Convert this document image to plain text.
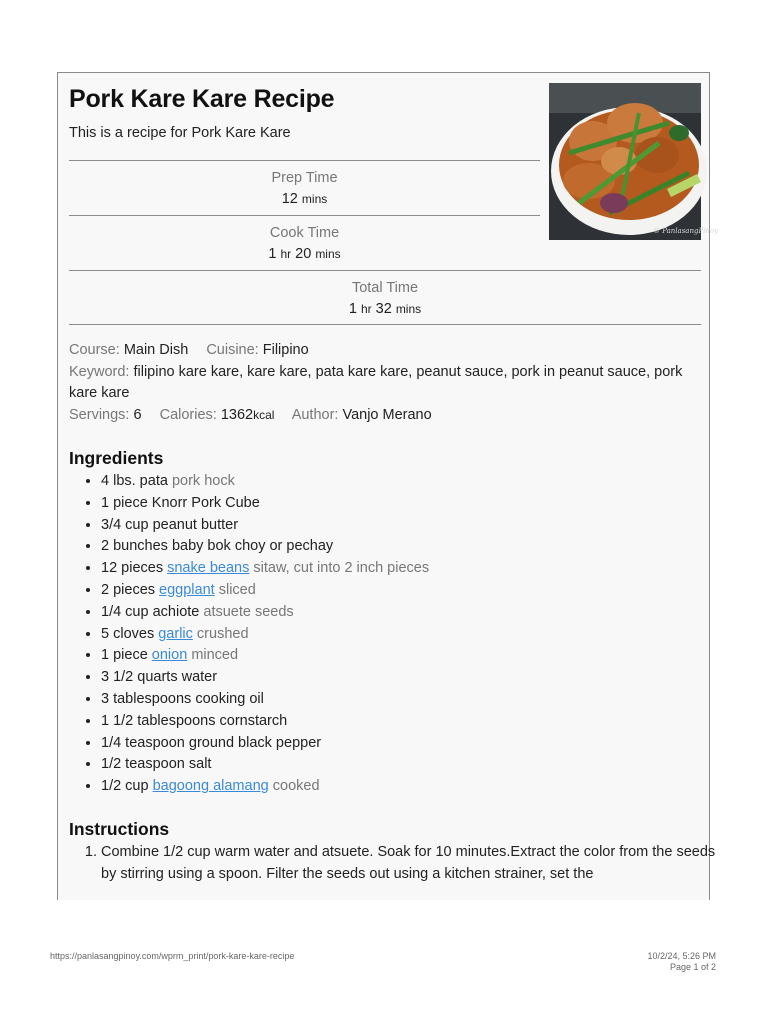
Pork Kare Kare Recipe
This is a recipe for Pork Kare Kare
© PanlasangPinoy
Prep Time
12 mins
Cook Time
1 hr 20 mins
Total Time
1 hr 32 mins
Course: Main Dish Cuisine: Filipino
Keyword: filipino kare kare, kare kare, pata kare kare, peanut sauce, pork in peanut sauce, pork kare kare
Servings: 6 Calories: 1362kcal Author: Vanjo Merano
Ingredients
• 4 lbs. pata pork hock
• 1 piece Knorr Pork Cube
• 3/4 cup peanut butter
• 2 bunches baby bok choy or pechay
• 12 pieces snake beans sitaw, cut into 2 inch pieces
• 2 pieces eggplant sliced
• 1/4 cup achiote atsuete seeds
• 5 cloves garlic crushed
• 1 piece onion minced
• 3 1/2 quarts water
• 3 tablespoons cooking oil
• 1 1/2 tablespoons cornstarch
• 1/4 teaspoon ground black pepper
• 1/2 teaspoon salt
• 1/2 cup bagoong alamang cooked
Instructions
1. Combine 1/2 cup warm water and atsuete. Soak for 10 minutes.Extract the color from the seeds by stirring using a spoon. Filter the seeds out using a kitchen strainer, set the
https://panlasangpinoy.com/wprm_print/pork-kare-kare-recipe	10/2/24, 5:26 PM
Page 1 of 2
